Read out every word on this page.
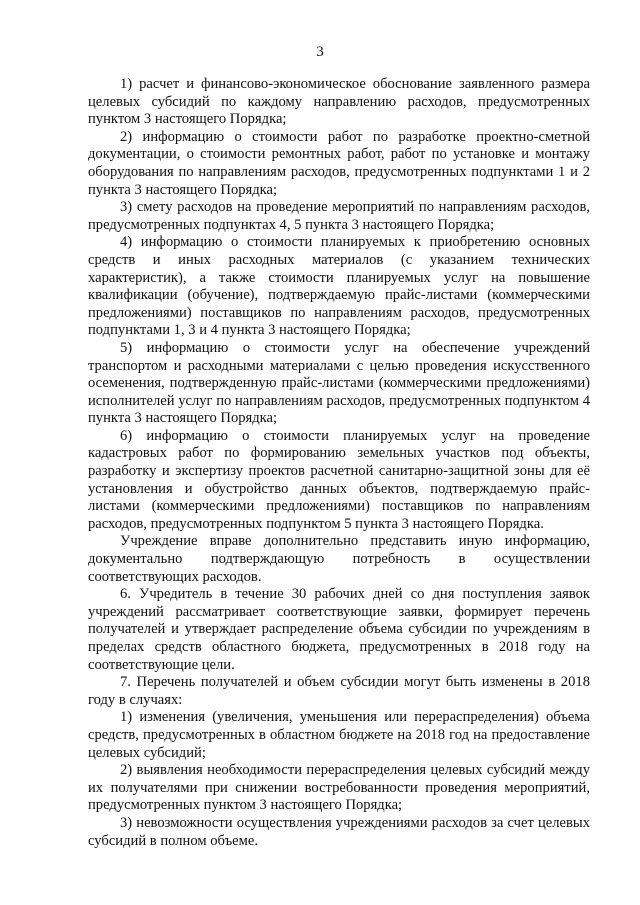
3

1) расчет и финансово-экономическое обоснование заявленного размера целевых субсидий по каждому направлению расходов, предусмотренных пунктом 3 настоящего Порядка;

2) информацию о стоимости работ по разработке проектно-сметной документации, о стоимости ремонтных работ, работ по установке и монтажу оборудования по направлениям расходов, предусмотренных подпунктами 1 и 2 пункта 3 настоящего Порядка;

3) смету расходов на проведение мероприятий по направлениям расходов, предусмотренных подпунктах 4, 5 пункта 3 настоящего Порядка;

4) информацию о стоимости планируемых к приобретению основных средств и иных расходных материалов (с указанием технических характеристик), а также стоимости планируемых услуг на повышение квалификации (обучение), подтверждаемую прайс-листами (коммерческими предложениями) поставщиков по направлениям расходов, предусмотренных подпунктами 1, 3 и 4 пункта 3 настоящего Порядка;

5) информацию о стоимости услуг на обеспечение учреждений транспортом и расходными материалами с целью проведения искусственного осеменения, подтвержденную прайс-листами (коммерческими предложениями) исполнителей услуг по направлениям расходов, предусмотренных подпунктом 4 пункта 3 настоящего Порядка;

6) информацию о стоимости планируемых услуг на проведение кадастровых работ по формированию земельных участков под объекты, разработку и экспертизу проектов расчетной санитарно-защитной зоны для её установления и обустройство данных объектов, подтверждаемую прайс-листами (коммерческими предложениями) поставщиков по направлениям расходов, предусмотренных подпунктом 5 пункта 3 настоящего Порядка.

Учреждение вправе дополнительно представить иную информацию, документально подтверждающую потребность в осуществлении соответствующих расходов.

6. Учредитель в течение 30 рабочих дней со дня поступления заявок учреждений рассматривает соответствующие заявки, формирует перечень получателей и утверждает распределение объема субсидии по учреждениям в пределах средств областного бюджета, предусмотренных в 2018 году на соответствующие цели.

7. Перечень получателей и объем субсидии могут быть изменены в 2018 году в случаях:

1) изменения (увеличения, уменьшения или перераспределения) объема средств, предусмотренных в областном бюджете на 2018 год на предоставление целевых субсидий;

2) выявления необходимости перераспределения целевых субсидий между их получателями при снижении востребованности проведения мероприятий, предусмотренных пунктом 3 настоящего Порядка;

3) невозможности осуществления учреждениями расходов за счет целевых субсидий в полном объеме.
